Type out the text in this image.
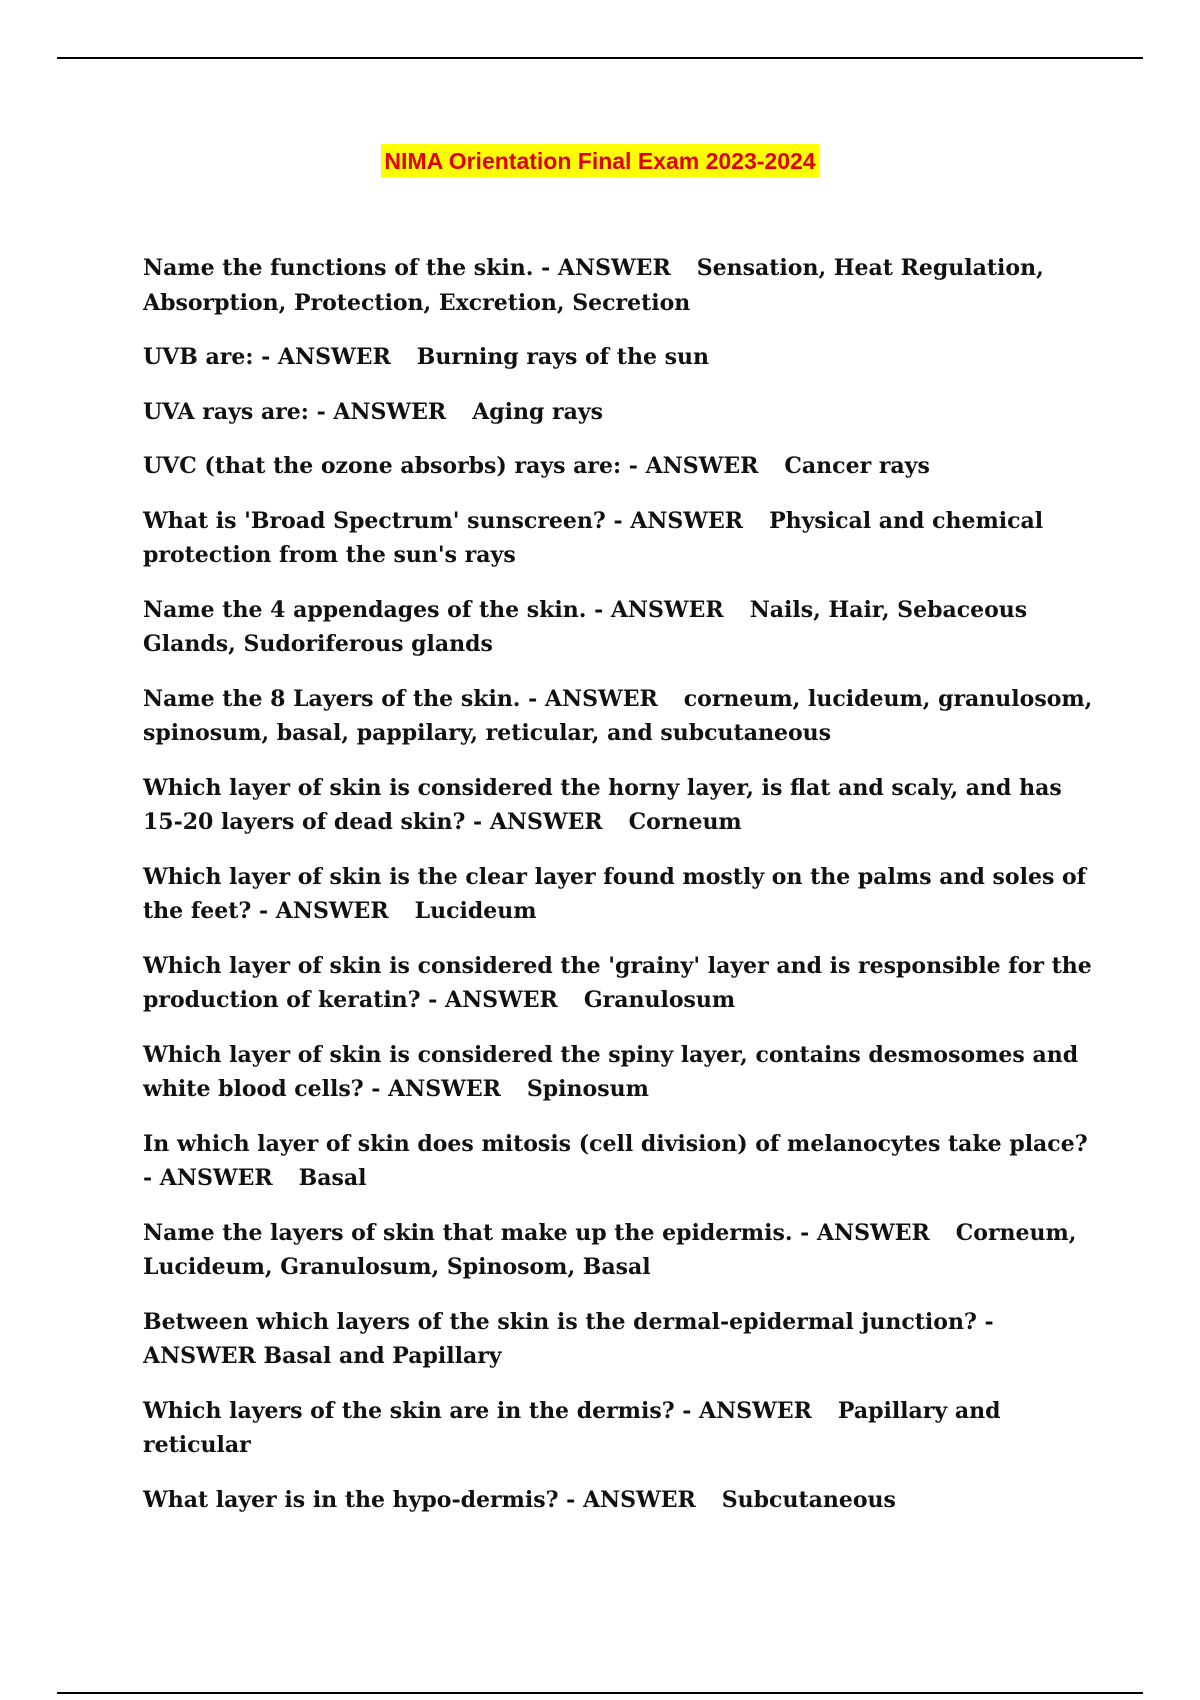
NIMA Orientation Final Exam 2023-2024

Name the functions of the skin. - ANSWER Sensation, Heat Regulation, Absorption, Protection, Excretion, Secretion

UVB are: - ANSWER Burning rays of the sun

UVA rays are: - ANSWER Aging rays

UVC (that the ozone absorbs) rays are: - ANSWER Cancer rays

What is 'Broad Spectrum' sunscreen? - ANSWER Physical and chemical protection from the sun's rays

Name the 4 appendages of the skin. - ANSWER Nails, Hair, Sebaceous Glands, Sudoriferous glands

Name the 8 Layers of the skin. - ANSWER corneum, lucideum, granulosom, spinosum, basal, pappilary, reticular, and subcutaneous

Which layer of skin is considered the horny layer, is flat and scaly, and has 15-20 layers of dead skin? - ANSWER Corneum

Which layer of skin is the clear layer found mostly on the palms and soles of the feet? - ANSWER Lucideum

Which layer of skin is considered the 'grainy' layer and is responsible for the production of keratin? - ANSWER Granulosum

Which layer of skin is considered the spiny layer, contains desmosomes and white blood cells? - ANSWER Spinosum

In which layer of skin does mitosis (cell division) of melanocytes take place? - ANSWER Basal

Name the layers of skin that make up the epidermis. - ANSWER Corneum, Lucideum, Granulosum, Spinosom, Basal

Between which layers of the skin is the dermal-epidermal junction? - ANSWER Basal and Papillary

Which layers of the skin are in the dermis? - ANSWER Papillary and reticular

What layer is in the hypo-dermis? - ANSWER Subcutaneous
